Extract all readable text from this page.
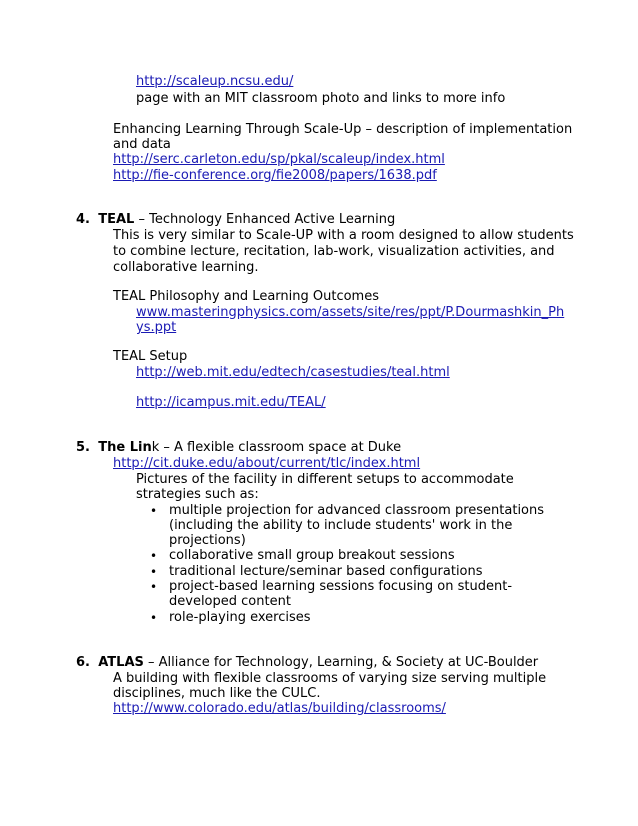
http://scaleup.ncsu.edu/
page with an MIT classroom photo and links to more info
Enhancing Learning Through Scale-Up – description of implementation
and data
http://serc.carleton.edu/sp/pkal/scaleup/index.html
http://fie-conference.org/fie2008/papers/1638.pdf
4. TEAL – Technology Enhanced Active Learning
This is very similar to Scale-UP with a room designed to allow students
to combine lecture, recitation, lab-work, visualization activities, and
collaborative learning.
TEAL Philosophy and Learning Outcomes
www.masteringphysics.com/assets/site/res/ppt/P.Dourmashkin_Ph
ys.ppt
TEAL Setup
http://web.mit.edu/edtech/casestudies/teal.html
http://icampus.mit.edu/TEAL/
5. The Link – A flexible classroom space at Duke
http://cit.duke.edu/about/current/tlc/index.html
Pictures of the facility in different setups to accommodate
strategies such as:
• multiple projection for advanced classroom presentations
(including the ability to include students' work in the
projections)
• collaborative small group breakout sessions
• traditional lecture/seminar based configurations
• project-based learning sessions focusing on student-
developed content
• role-playing exercises
6. ATLAS – Alliance for Technology, Learning, & Society at UC-Boulder
A building with flexible classrooms of varying size serving multiple
disciplines, much like the CULC.
http://www.colorado.edu/atlas/building/classrooms/
